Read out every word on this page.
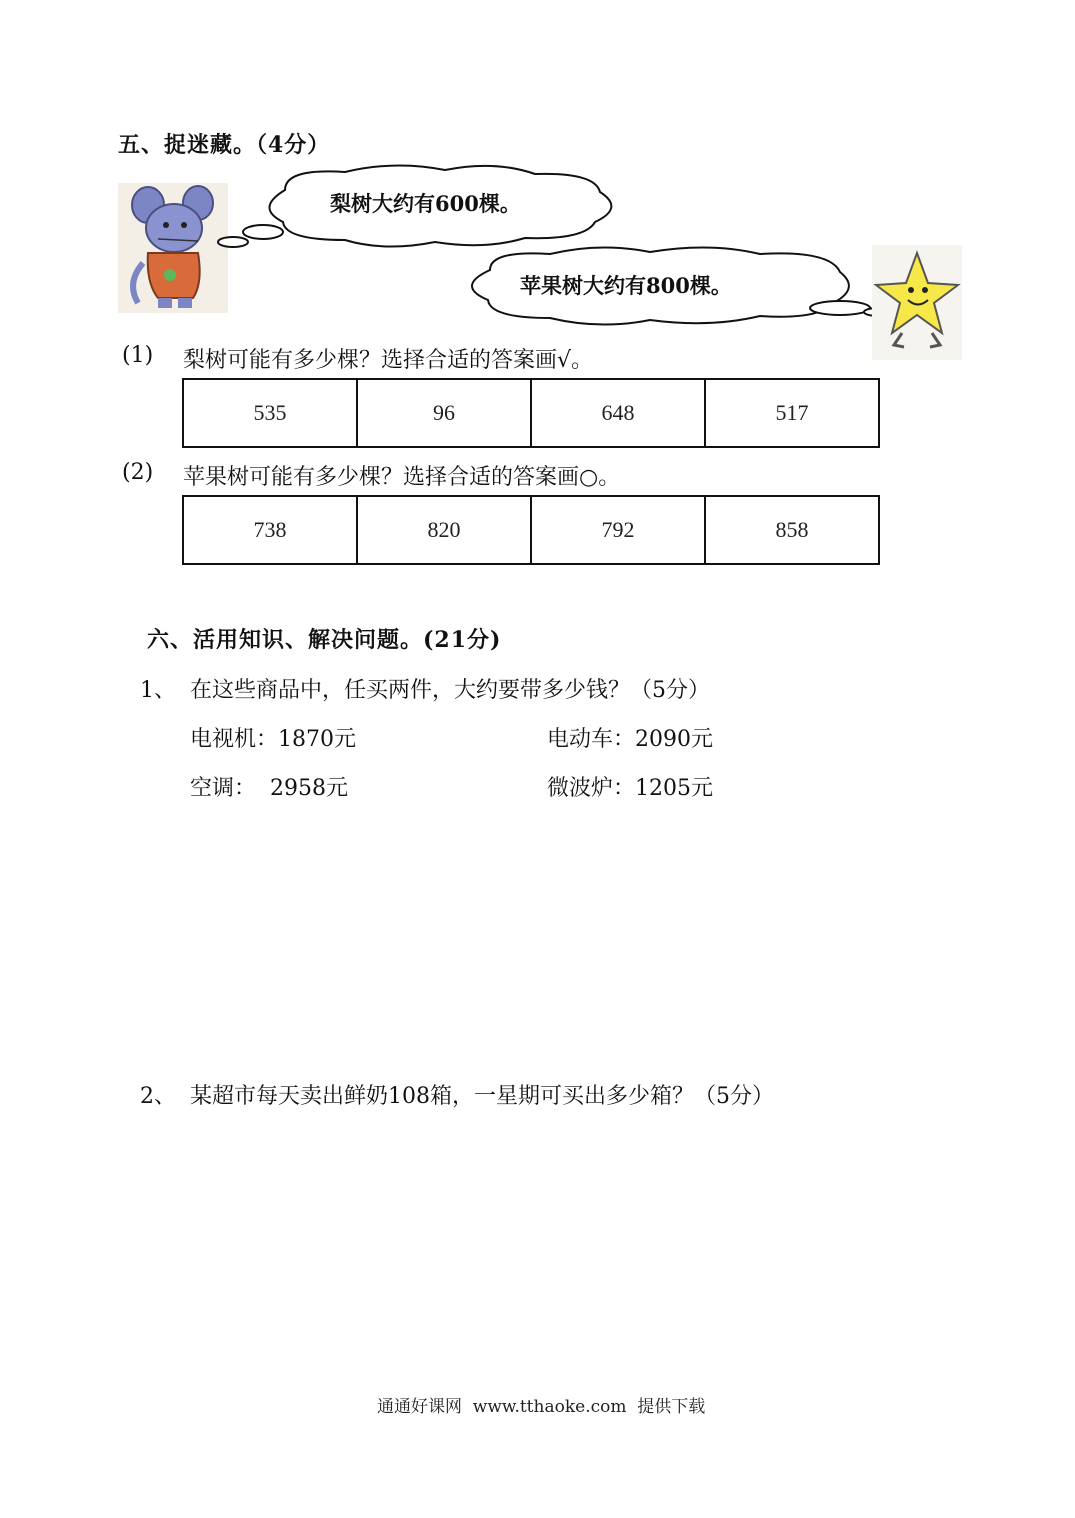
五、捉迷藏。（4分）
梨树大约有600棵。
苹果树大约有800棵。
(1) 梨树可能有多少棵？选择合适的答案画√。
535	96	648	517
(2) 苹果树可能有多少棵？选择合适的答案画○。
738	820	792	858
六、活用知识、解决问题。(21分)
1、 在这些商品中，任买两件，大约要带多少钱？（5分）
电视机：1870元	电动车：2090元
空调：  2958元	微波炉：1205元
2、 某超市每天卖出鲜奶108箱，一星期可买出多少箱？（5分）
通通好课网  www.tthaoke.com  提供下载
